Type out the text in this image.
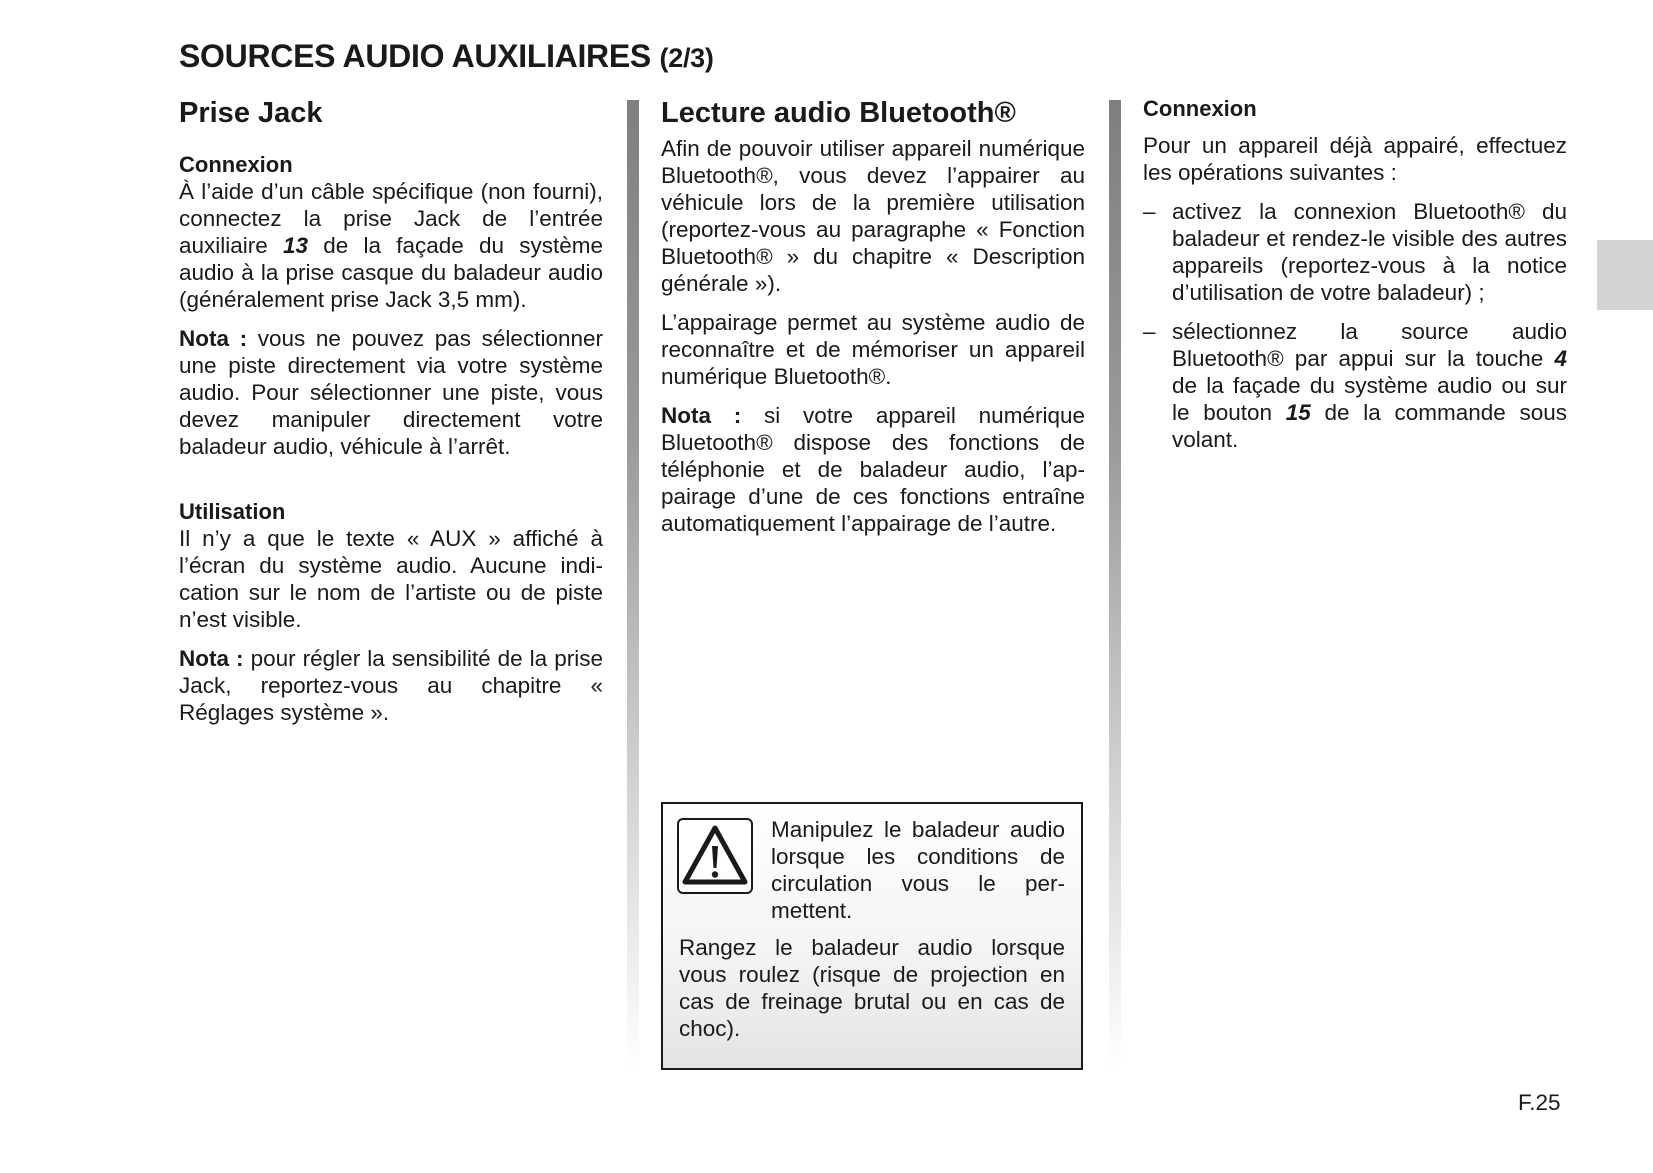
SOURCES AUDIO AUXILIAIRES (2/3)
Prise Jack
Connexion

À l’aide d’un câble spécifique (non fourni), connectez la prise Jack de l’entrée auxiliaire 13 de la façade du système audio à la prise casque du baladeur audio (généralement prise Jack 3,5 mm).

Nota : vous ne pouvez pas sélectionner une piste directement via votre système audio. Pour sélectionner une piste, vous devez manipuler directement votre baladeur audio, véhicule à l’arrêt.

Utilisation

Il n’y a que le texte « AUX » affiché à l’écran du système audio. Aucune indication sur le nom de l’artiste ou de piste n’est visible.

Nota : pour régler la sensibilité de la prise Jack, reportez-vous au chapitre « Réglages système ».

Lecture audio Bluetooth®

Afin de pouvoir utiliser appareil numérique Bluetooth®, vous devez l’appairer au véhicule lors de la première utilisation (reportez-vous au paragraphe « Fonction Bluetooth® » du chapitre « Description générale »).

L’appairage permet au système audio de reconnaître et de mémoriser un appareil numérique Bluetooth®.

Nota : si votre appareil numérique Bluetooth® dispose des fonctions de téléphonie et de baladeur audio, l’appairage d’une de ces fonctions entraîne automatiquement l’appairage de l’autre.

Manipulez le baladeur audio lorsque les conditions de circulation vous le permettent.

Rangez le baladeur audio lorsque vous roulez (risque de projection en cas de freinage brutal ou en cas de choc).

Connexion

Pour un appareil déjà appairé, effectuez les opérations suivantes :

– activez la connexion Bluetooth® du baladeur et rendez-le visible des autres appareils (reportez-vous à la notice d’utilisation de votre baladeur) ;
– sélectionnez la source audio Bluetooth® par appui sur la touche 4 de la façade du système audio ou sur le bouton 15 de la commande sous volant.
F.25
